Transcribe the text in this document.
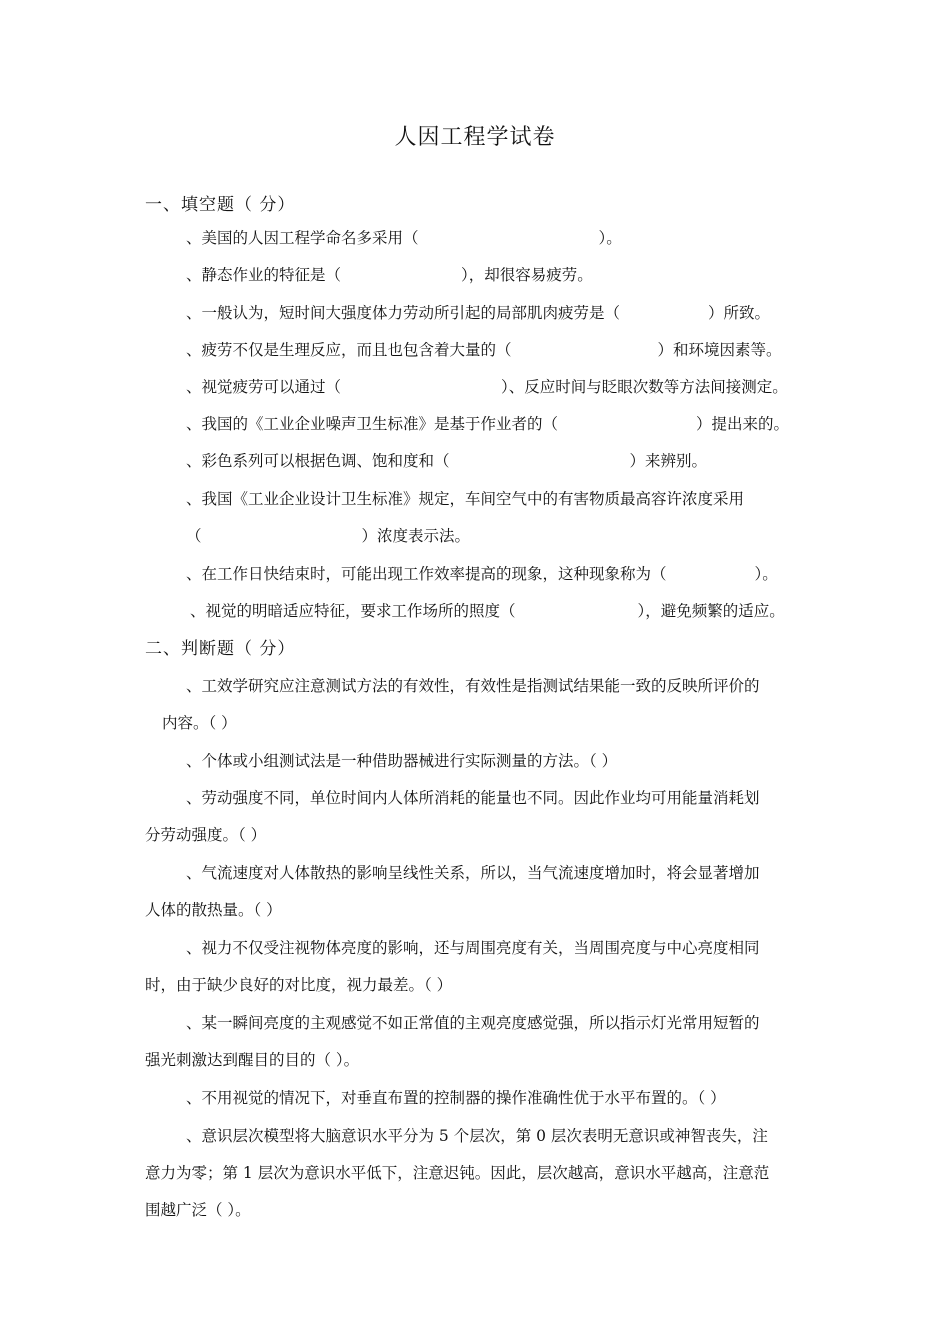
人因工程学试卷
一、填空题（ 分）
、美国的人因工程学命名多采用（	）。
、静态作业的特征是（	），却很容易疲劳。
、一般认为，短时间大强度体力劳动所引起的局部肌肉疲劳是（	）所致。
、疲劳不仅是生理反应，而且也包含着大量的（	）和环境因素等。
、视觉疲劳可以通过（	）、反应时间与眨眼次数等方法间接测定。
、我国的《工业企业噪声卫生标准》是基于作业者的（	）提出来的。
、彩色系列可以根据色调、饱和度和（	）来辨别。
、我国《工业企业设计卫生标准》规定，车间空气中的有害物质最高容许浓度采用
（	）浓度表示法。
、在工作日快结束时，可能出现工作效率提高的现象，这种现象称为（	）。
、视觉的明暗适应特征，要求工作场所的照度（	），避免频繁的适应。
二、判断题（ 分）
、工效学研究应注意测试方法的有效性，有效性是指测试结果能一致的反映所评价的
内容。（ ）
、个体或小组测试法是一种借助器械进行实际测量的方法。（ ）
、劳动强度不同，单位时间内人体所消耗的能量也不同。因此作业均可用能量消耗划
分劳动强度。（ ）
、气流速度对人体散热的影响呈线性关系，所以，当气流速度增加时，将会显著增加
人体的散热量。（ ）
、视力不仅受注视物体亮度的影响，还与周围亮度有关，当周围亮度与中心亮度相同
时，由于缺少良好的对比度，视力最差。（ ）
、某一瞬间亮度的主观感觉不如正常值的主观亮度感觉强，所以指示灯光常用短暂的
强光刺激达到醒目的目的（ ）。
、不用视觉的情况下，对垂直布置的控制器的操作准确性优于水平布置的。（ ）
、意识层次模型将大脑意识水平分为 5 个层次，第 0 层次表明无意识或神智丧失，注
意力为零；第 1 层次为意识水平低下，注意迟钝。因此，层次越高，意识水平越高，注意范
围越广泛（ ）。
